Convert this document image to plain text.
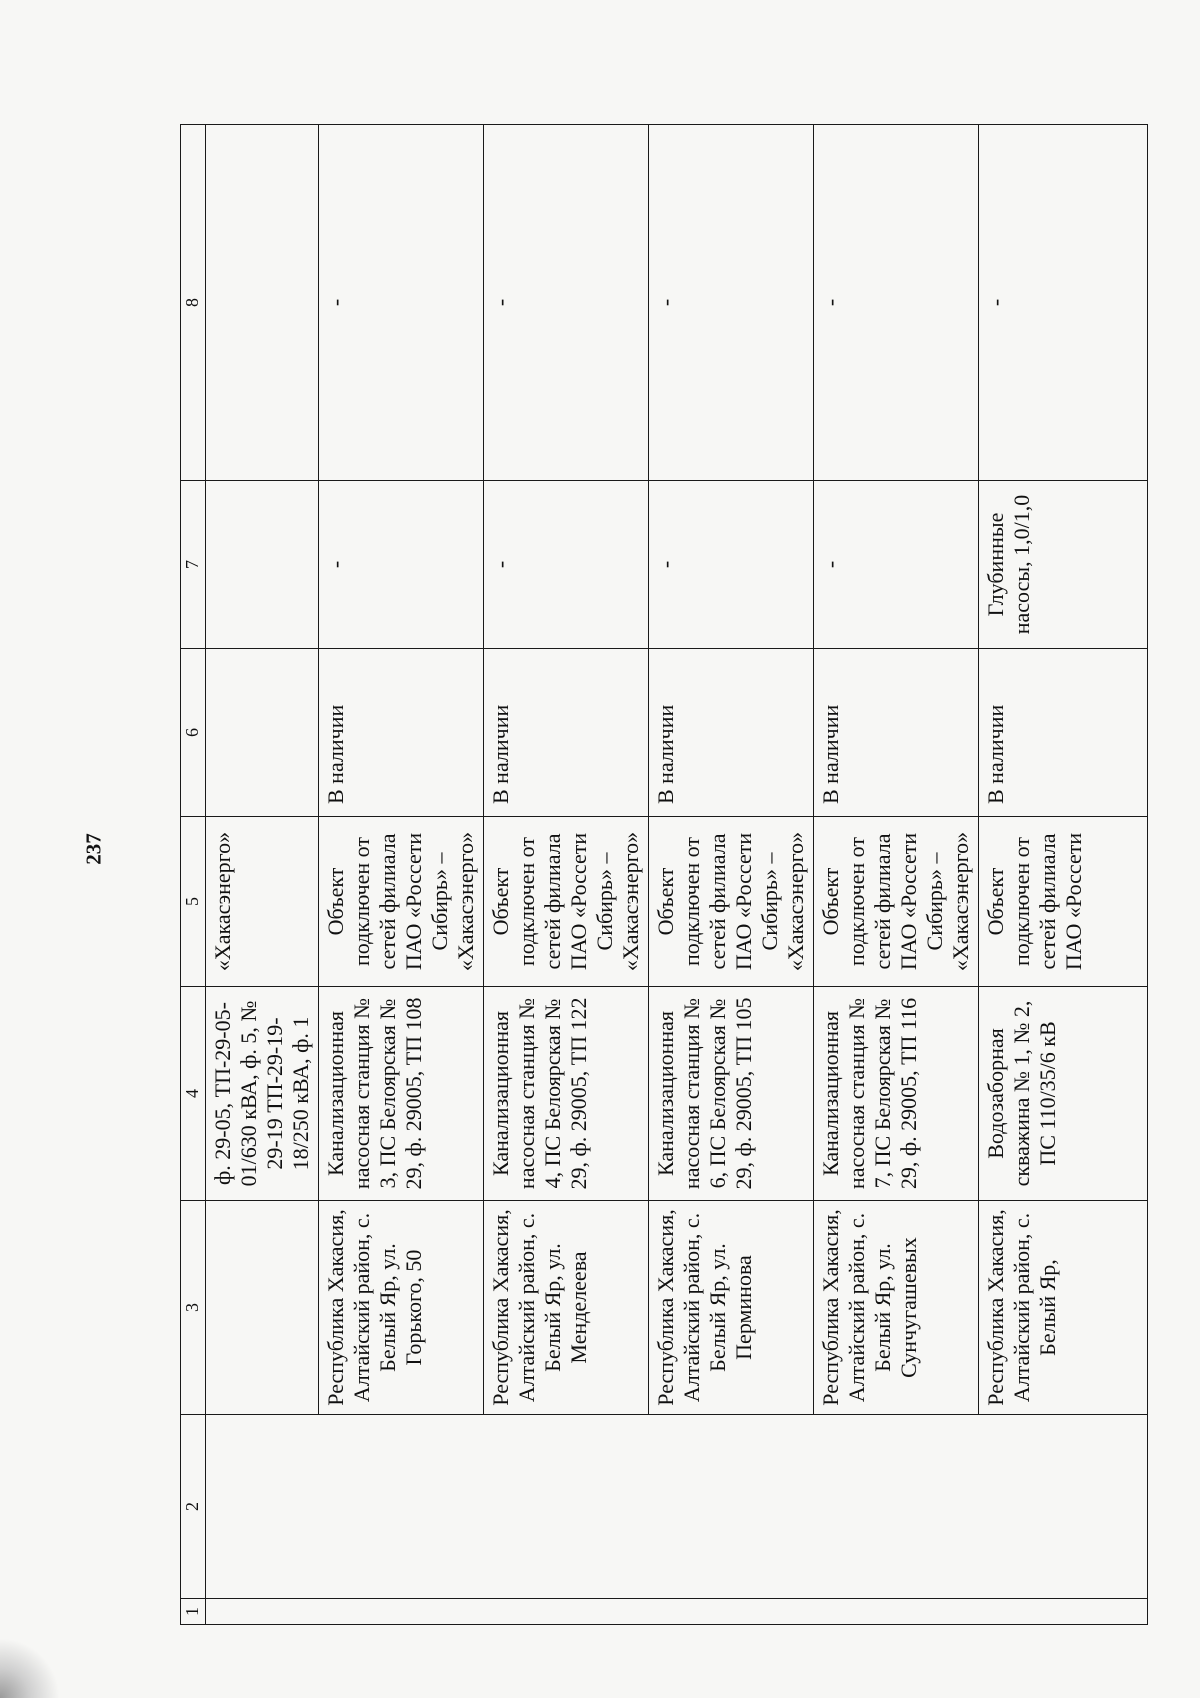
237
1	2	3	4	5	6	7	8
			ф. 29-05, ТП-29-05-01/630 кВА, ф. 5, № 29-19 ТП-29-19-18/250 кВА, ф. 1	«Хакасэнерго»			
		Республика Хакасия, Алтайский район, с. Белый Яр, ул. Горького, 50	Канализационная насосная станция № 3, ПС Белоярская № 29, ф. 29005, ТП 108	Объект подключен от сетей филиала ПАО «Россети Сибирь» – «Хакасэнерго»	В наличии	-	-
		Республика Хакасия, Алтайский район, с. Белый Яр, ул. Менделеева	Канализационная насосная станция № 4, ПС Белоярская № 29, ф. 29005, ТП 122	Объект подключен от сетей филиала ПАО «Россети Сибирь» – «Хакасэнерго»	В наличии	-	-
		Республика Хакасия, Алтайский район, с. Белый Яр, ул. Перминова	Канализационная насосная станция № 6, ПС Белоярская № 29, ф. 29005, ТП 105	Объект подключен от сетей филиала ПАО «Россети Сибирь» – «Хакасэнерго»	В наличии	-	-
		Республика Хакасия, Алтайский район, с. Белый Яр, ул. Сунчугашевых	Канализационная насосная станция № 7, ПС Белоярская № 29, ф. 29005, ТП 116	Объект подключен от сетей филиала ПАО «Россети Сибирь» – «Хакасэнерго»	В наличии	-	-
		Республика Хакасия, Алтайский район, с. Белый Яр,	Водозаборная скважина № 1, № 2, ПС 110/35/6 кВ	Объект подключен от сетей филиала ПАО «Россети	В наличии	Глубинные насосы, 1,0/1,0	-
